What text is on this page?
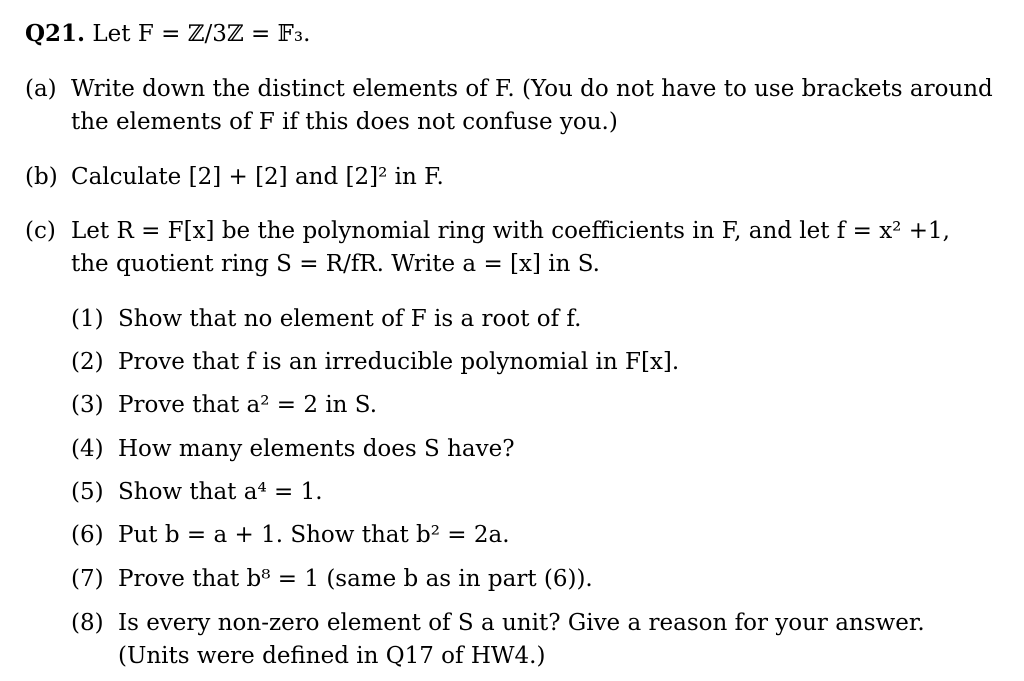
Q21. Let F = ℤ/3ℤ = 𝔽₃.
(a) Write down the distinct elements of F. (You do not have to use brackets around
the elements of F if this does not confuse you.)
(b) Calculate [2] + [2] and [2]² in F.
(c) Let R = F[x] be the polynomial ring with coefficients in F, and let f = x² +1,
the quotient ring S = R/fR. Write a = [x] in S.
(1) Show that no element of F is a root of f.
(2) Prove that f is an irreducible polynomial in F[x].
(3) Prove that a² = 2 in S.
(4) How many elements does S have?
(5) Show that a⁴ = 1.
(6) Put b = a + 1. Show that b² = 2a.
(7) Prove that b⁸ = 1 (same b as in part (6)).
(8) Is every non-zero element of S a unit? Give a reason for your answer.
(Units were defined in Q17 of HW4.)
